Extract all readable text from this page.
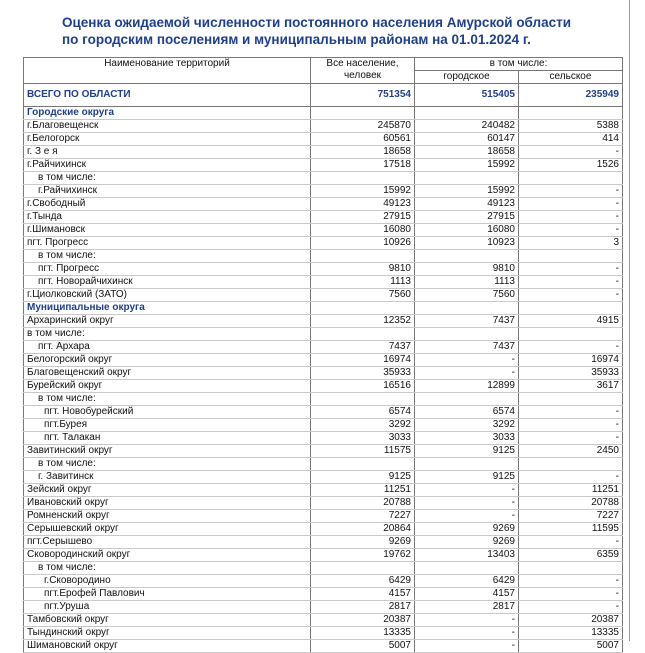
Оценка ожидаемой численности постоянного населения Амурской области
по городским поселениям и муниципальным районам на 01.01.2024 г.
Наименование территорий	Все население,
человек	в том числе:	
		городское	сельское
ВСЕГО ПО ОБЛАСТИ	751354	515405	235949
Городские округа			
г.Благовещенск	245870	240482	5388
г.Белогорск	60561	60147	414
г. З е я	18658	18658	-
г.Райчихинск	17518	15992	1526
в том числе:			
г.Райчихинск	15992	15992	-
г.Свободный	49123	49123	-
г.Тында	27915	27915	-
г.Шимановск	16080	16080	-
пгт. Прогресс	10926	10923	3
в том числе:			
пгт. Прогресс	9810	9810	-
пгт. Новорайчихинск	1113	1113	-
г.Циолковский (ЗАТО)	7560	7560	-
Муниципальные округа			
Архаринский округ	12352	7437	4915
в том числе:			
пгт. Архара	7437	7437	-
Белогорский округ	16974	-	16974
Благовещенский округ	35933	-	35933
Бурейский округ	16516	12899	3617
в том числе:			
пгт. Новобурейский	6574	6574	-
пгт.Бурея	3292	3292	-
пгт. Талакан	3033	3033	-
Завитинский округ	11575	9125	2450
в том числе:			
г. Завитинск	9125	9125	-
Зейский округ	11251	-	11251
Ивановский округ	20788	-	20788
Ромненский округ	7227	-	7227
Серышевский округ	20864	9269	11595
пгт.Серышево	9269	9269	-
Сковородинский округ	19762	13403	6359
в том числе:			
г.Сковородино	6429	6429	-
пгт.Ерофей Павлович	4157	4157	-
пгт.Уруша	2817	2817	-
Тамбовский округ	20387	-	20387
Тындинский округ	13335	-	13335
Шимановский округ	5007	-	5007
